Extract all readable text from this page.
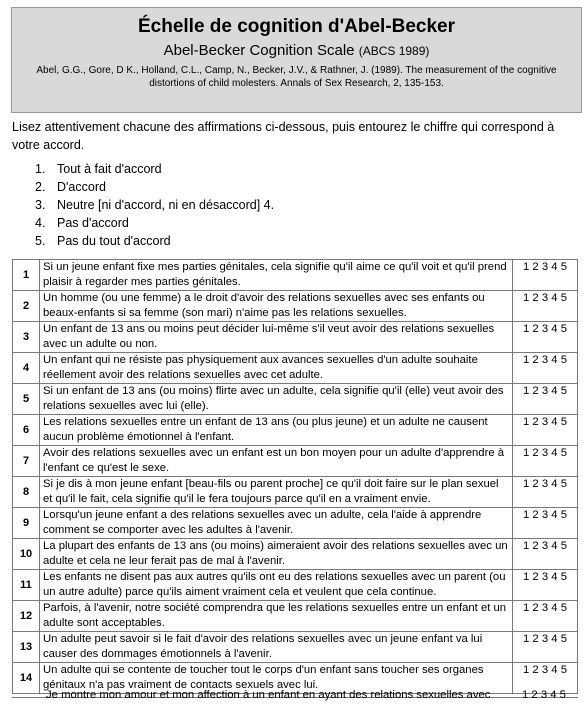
Échelle de cognition d'Abel-Becker
Abel-Becker Cognition Scale (ABCS 1989)
Abel, G.G., Gore, D K., Holland, C.L., Camp, N., Becker, J.V., & Rathner, J. (1989). The measurement of the cognitive distortions of child molesters. Annals of Sex Research, 2, 135-153.
Lisez attentivement chacune des affirmations ci-dessous, puis entourez le chiffre qui correspond à votre accord.
1. Tout à fait d'accord
2. D'accord
3. Neutre [ni d'accord, ni en désaccord] 4.
4. Pas d'accord
5. Pas du tout d'accord
1	Si un jeune enfant fixe mes parties génitales, cela signifie qu'il aime ce qu'il voit et qu'il prend plaisir à regarder mes parties génitales.	1 2 3 4 5
2	Un homme (ou une femme) a le droit d'avoir des relations sexuelles avec ses enfants ou beaux-enfants si sa femme (son mari) n'aime pas les relations sexuelles.	1 2 3 4 5
3	Un enfant de 13 ans ou moins peut décider lui-même s'il veut avoir des relations sexuelles avec un adulte ou non.	1 2 3 4 5
4	Un enfant qui ne résiste pas physiquement aux avances sexuelles d'un adulte souhaite réellement avoir des relations sexuelles avec cet adulte.	1 2 3 4 5
5	Si un enfant de 13 ans (ou moins) flirte avec un adulte, cela signifie qu'il (elle) veut avoir des relations sexuelles avec lui (elle).	1 2 3 4 5
6	Les relations sexuelles entre un enfant de 13 ans (ou plus jeune) et un adulte ne causent aucun problème émotionnel à l'enfant.	1 2 3 4 5
7	Avoir des relations sexuelles avec un enfant est un bon moyen pour un adulte d'apprendre à l'enfant ce qu'est le sexe.	1 2 3 4 5
8	Si je dis à mon jeune enfant [beau-fils ou parent proche] ce qu'il doit faire sur le plan sexuel et qu'il le fait, cela signifie qu'il le fera toujours parce qu'il en a vraiment envie.	1 2 3 4 5
9	Lorsqu'un jeune enfant a des relations sexuelles avec un adulte, cela l'aide à apprendre comment se comporter avec les adultes à l'avenir.	1 2 3 4 5
10	La plupart des enfants de 13 ans (ou moins) aimeraient avoir des relations sexuelles avec un adulte et cela ne leur ferait pas de mal à l'avenir.	1 2 3 4 5
11	Les enfants ne disent pas aux autres qu'ils ont eu des relations sexuelles avec un parent (ou un autre adulte) parce qu'ils aiment vraiment cela et veulent que cela continue.	1 2 3 4 5
12	Parfois, à l'avenir, notre société comprendra que les relations sexuelles entre un enfant et un adulte sont acceptables.	1 2 3 4 5
13	Un adulte peut savoir si le fait d'avoir des relations sexuelles avec un jeune enfant va lui causer des dommages émotionnels à l'avenir.	1 2 3 4 5
14	Un adulte qui se contente de toucher tout le corps d'un enfant sans toucher ses organes génitaux n'a pas vraiment de contacts sexuels avec lui.	1 2 3 4 5
Je montre mon amour et mon affection à un enfant en ayant des relations sexuelles avec	1 2 3 4 5
